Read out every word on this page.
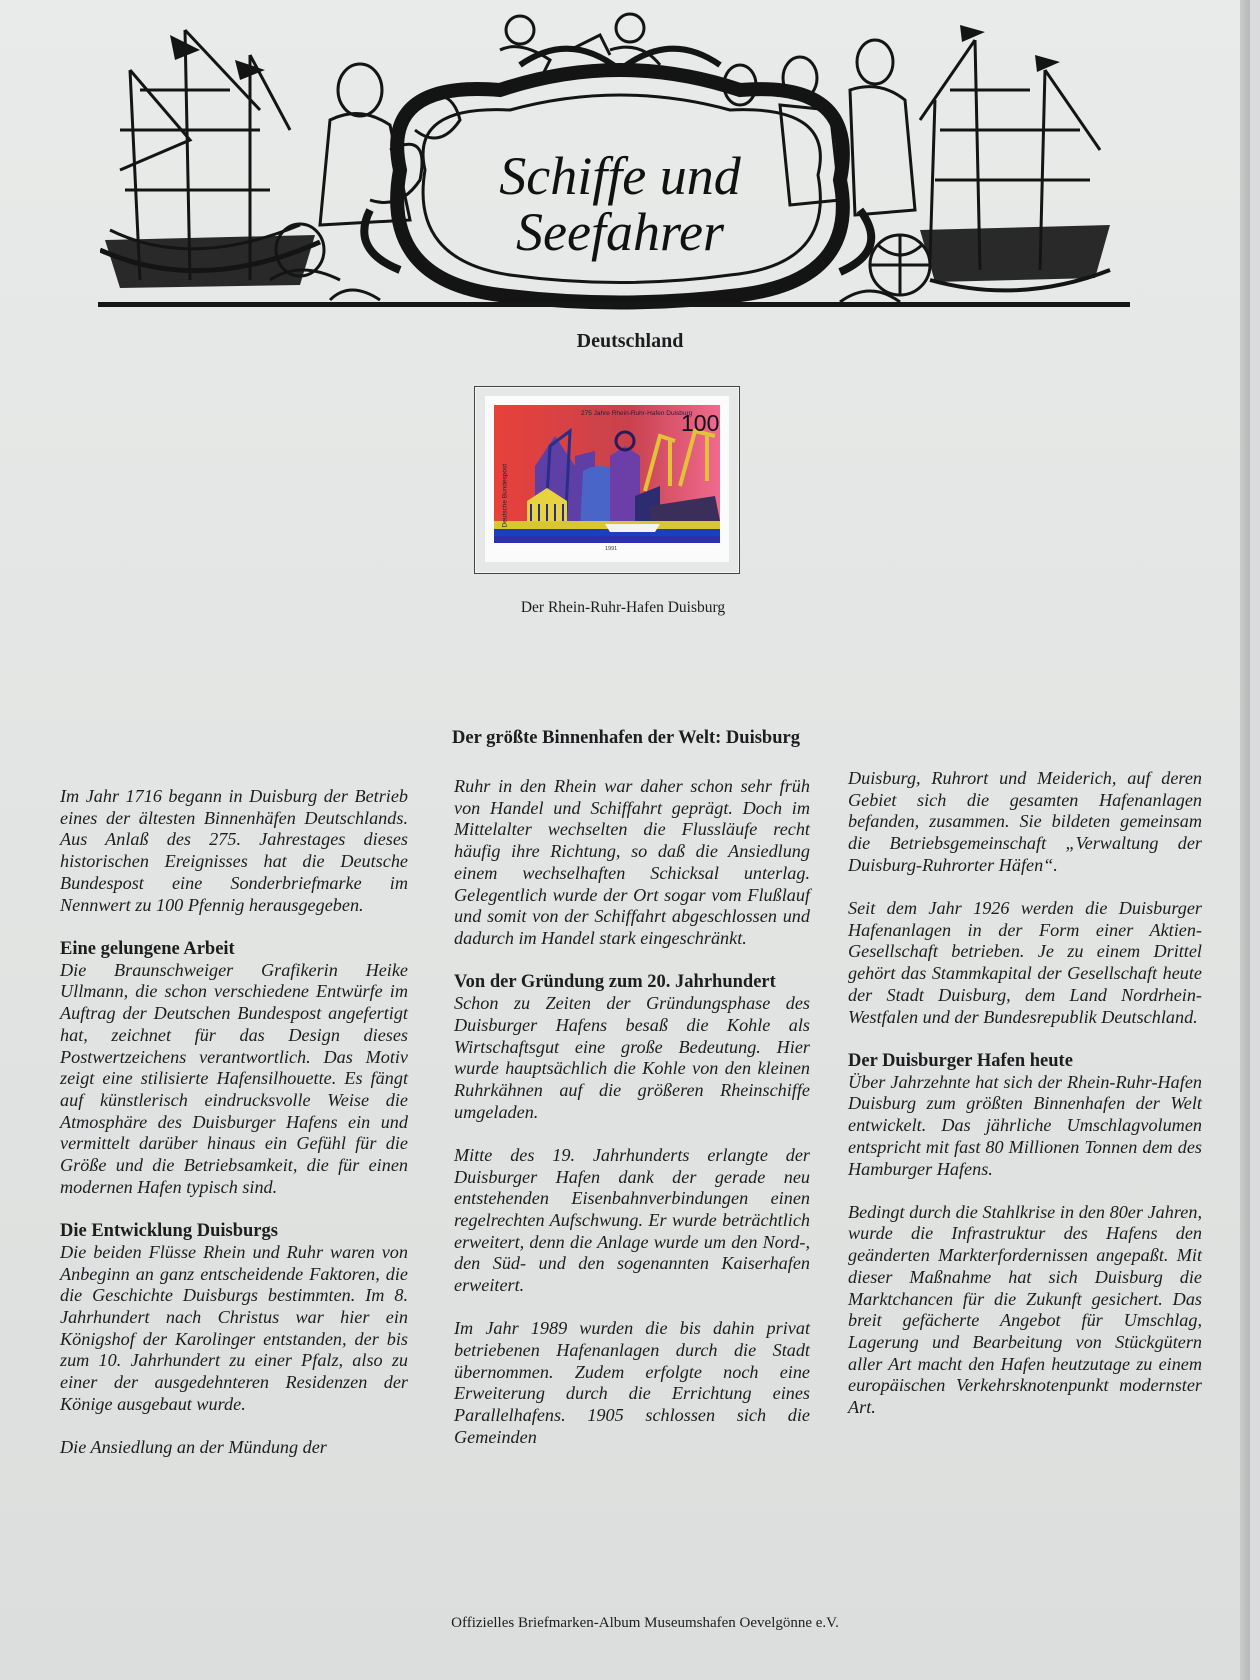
Schiffe und
Seefahrer
Deutschland
275 Jahre Rhein-Ruhr-Hafen Duisburg
100
Deutsche Bundespost
1991
Der Rhein-Ruhr-Hafen Duisburg
Der größte Binnenhafen der Welt: Duisburg

Im Jahr 1716 begann in Duisburg der Betrieb eines der ältesten Binnenhäfen Deutschlands. Aus Anlaß des 275. Jahrestages dieses historischen Ereignisses hat die Deutsche Bundespost eine Sonderbriefmarke im Nennwert zu 100 Pfennig herausgegeben.

Eine gelungene Arbeit

Die Braunschweiger Grafikerin Heike Ullmann, die schon verschiedene Entwürfe im Auftrag der Deutschen Bundespost angefertigt hat, zeichnet für das Design dieses Postwertzeichens verantwortlich. Das Motiv zeigt eine stilisierte Hafensilhouette. Es fängt auf künstlerisch eindrucksvolle Weise die Atmosphäre des Duisburger Hafens ein und vermittelt darüber hinaus ein Gefühl für die Größe und die Betriebsamkeit, die für einen modernen Hafen typisch sind.

Die Entwicklung Duisburgs

Die beiden Flüsse Rhein und Ruhr waren von Anbeginn an ganz entscheidende Faktoren, die die Geschichte Duisburgs bestimmten. Im 8. Jahrhundert nach Christus war hier ein Königshof der Karolinger entstanden, der bis zum 10. Jahrhundert zu einer Pfalz, also zu einer der ausgedehnteren Residenzen der Könige ausgebaut wurde.

Die Ansiedlung an der Mündung der

Ruhr in den Rhein war daher schon sehr früh von Handel und Schiffahrt geprägt. Doch im Mittelalter wechselten die Flussläufe recht häufig ihre Richtung, so daß die Ansiedlung einem wechselhaften Schicksal unterlag. Gelegentlich wurde der Ort sogar vom Flußlauf und somit von der Schiffahrt abgeschlossen und dadurch im Handel stark eingeschränkt.

Von der Gründung zum 20. Jahrhundert

Schon zu Zeiten der Gründungsphase des Duisburger Hafens besaß die Kohle als Wirtschaftsgut eine große Bedeutung. Hier wurde hauptsächlich die Kohle von den kleinen Ruhrkähnen auf die größeren Rheinschiffe umgeladen.

Mitte des 19. Jahrhunderts erlangte der Duisburger Hafen dank der gerade neu entstehenden Eisenbahnverbindungen einen regelrechten Aufschwung. Er wurde beträchtlich erweitert, denn die Anlage wurde um den Nord-, den Süd- und den sogenannten Kaiserhafen erweitert.

Im Jahr 1989 wurden die bis dahin privat betriebenen Hafenanlagen durch die Stadt übernommen. Zudem erfolgte noch eine Erweiterung durch die Errichtung eines Parallelhafens. 1905 schlossen sich die Gemeinden

Duisburg, Ruhrort und Meiderich, auf deren Gebiet sich die gesamten Hafenanlagen befanden, zusammen. Sie bildeten gemeinsam die Betriebsgemeinschaft „Verwaltung der Duisburg-Ruhrorter Häfen“.

Seit dem Jahr 1926 werden die Duisburger Hafenanlagen in der Form einer Aktien-Gesellschaft betrieben. Je zu einem Drittel gehört das Stammkapital der Gesellschaft heute der Stadt Duisburg, dem Land Nordrhein-Westfalen und der Bundesrepublik Deutschland.

Der Duisburger Hafen heute

Über Jahrzehnte hat sich der Rhein-Ruhr-Hafen Duisburg zum größten Binnenhafen der Welt entwickelt. Das jährliche Umschlagvolumen entspricht mit fast 80 Millionen Tonnen dem des Hamburger Hafens.

Bedingt durch die Stahlkrise in den 80er Jahren, wurde die Infrastruktur des Hafens den geänderten Markterfordernissen angepaßt. Mit dieser Maßnahme hat sich Duisburg die Marktchancen für die Zukunft gesichert. Das breit gefächerte Angebot für Umschlag, Lagerung und Bearbeitung von Stückgütern aller Art macht den Hafen heutzutage zu einem europäischen Verkehrsknotenpunkt modernster Art.

Offizielles Briefmarken-Album Museumshafen Oevelgönne e.V.
